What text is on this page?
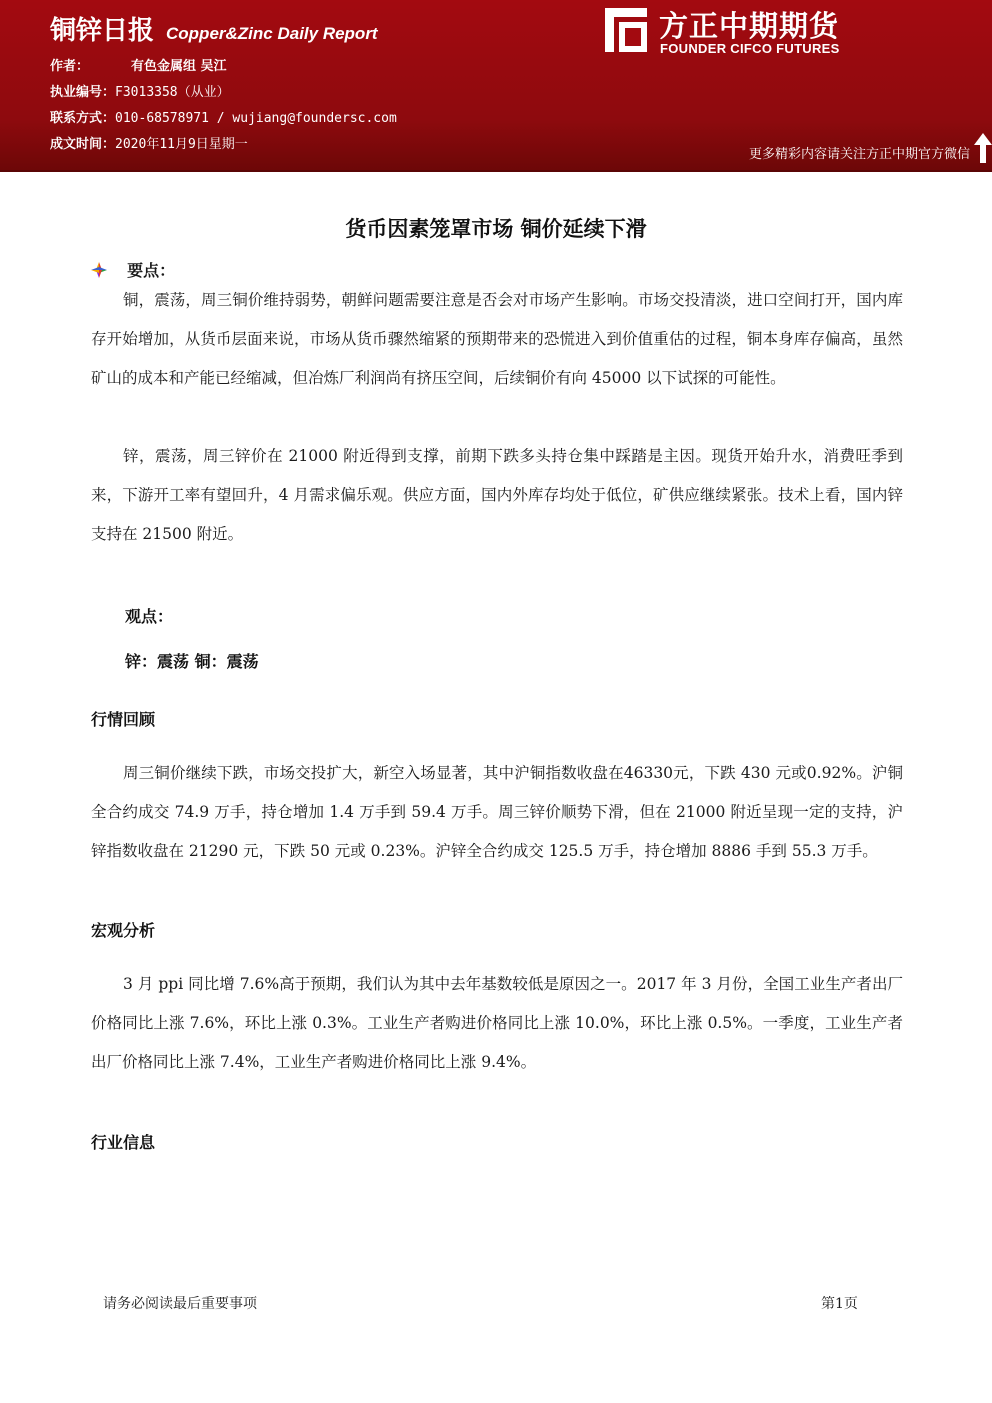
铜锌日报 Copper&Zinc Daily Report
作者：	有色金属组 吴江
执业编号：F3013358（从业）
联系方式：010-68578971 / wujiang@foundersc.com
成文时间：2020年11月9日星期一
方正中期期货
FOUNDER CIFCO FUTURES
更多精彩内容请关注方正中期官方微信
货币因素笼罩市场 铜价延续下滑
要点：
铜，震荡，周三铜价维持弱势，朝鲜问题需要注意是否会对市场产生影响。市场交投清淡，进口空间打开，国内库存开始增加，从货币层面来说，市场从货币骤然缩紧的预期带来的恐慌进入到价值重估的过程，铜本身库存偏高，虽然矿山的成本和产能已经缩减，但冶炼厂利润尚有挤压空间，后续铜价有向 45000 以下试探的可能性。
锌，震荡，周三锌价在 21000 附近得到支撑，前期下跌多头持仓集中踩踏是主因。现货开始升水，消费旺季到来，下游开工率有望回升，4 月需求偏乐观。供应方面，国内外库存均处于低位，矿供应继续紧张。技术上看，国内锌支持在 21500 附近。
观点：
锌：震荡 铜：震荡
行情回顾
周三铜价继续下跌，市场交投扩大，新空入场显著，其中沪铜指数收盘在46330元，下跌 430 元或0.92%。沪铜全合约成交 74.9 万手，持仓增加 1.4 万手到 59.4 万手。周三锌价顺势下滑，但在 21000 附近呈现一定的支持，沪锌指数收盘在 21290 元，下跌 50 元或 0.23%。沪锌全合约成交 125.5 万手，持仓增加 8886 手到 55.3 万手。
宏观分析
3 月 ppi 同比增 7.6%高于预期，我们认为其中去年基数较低是原因之一。2017 年 3 月份，全国工业生产者出厂价格同比上涨 7.6%，环比上涨 0.3%。工业生产者购进价格同比上涨 10.0%，环比上涨 0.5%。一季度，工业生产者出厂价格同比上涨 7.4%，工业生产者购进价格同比上涨 9.4%。
行业信息
请务必阅读最后重要事项	第1页
